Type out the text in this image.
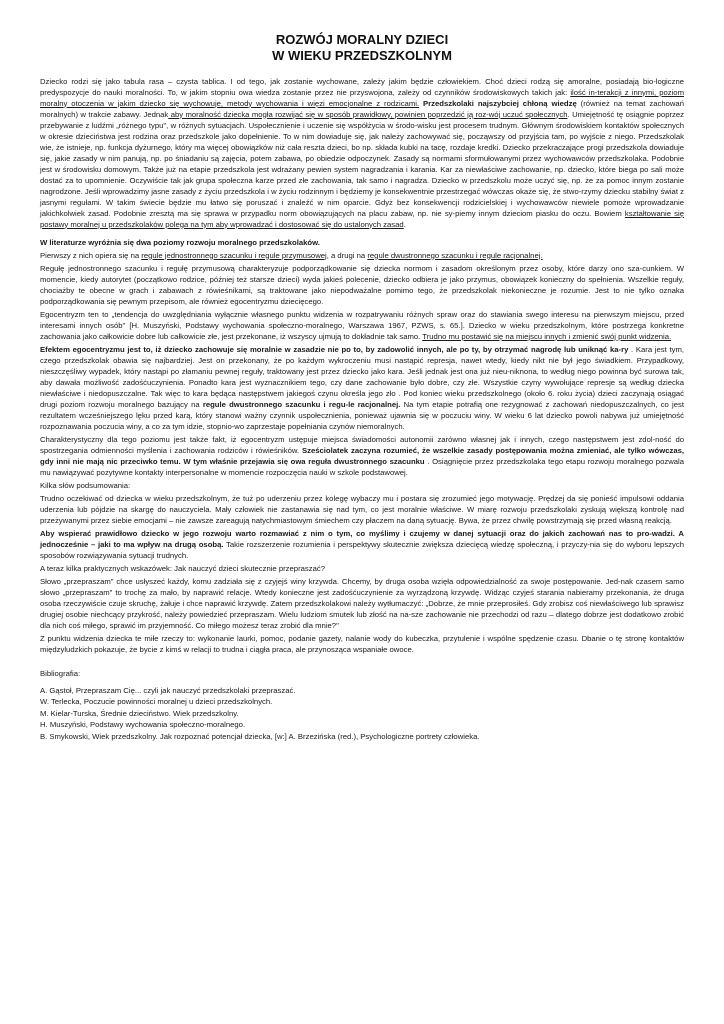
ROZWÓJ MORALNY DZIECI
W WIEKU PRZEDSZKOLNYM

Dziecko rodzi się jako tabula rasa – czysta tablica. I od tego, jak zostanie wychowane, zależy jakim będzie człowiekiem. Choć dzieci rodzą się amoralne, posiadają bio-logiczne predyspozycje do nauki moralności. To, w jakim stopniu owa wiedza zostanie przez nie przyswojona, zależy od czynników środowiskowych takich jak: ilość in-terakcji z innymi, poziom moralny otoczenia w jakim dziecko się wychowuje, metody wychowania i więzi emocjonalne z rodzicami. Przedszkolaki najszybciej chłoną wiedzę (również na temat zachowań moralnych) w trakcie zabawy. Jednak aby moralność dziecka mogła rozwijać się w sposób prawidłowy, powinien poprzedzić ją roz-wój uczuć społecznych. Umiejętność tę osiągnie poprzez przebywanie z ludźmi „różnego typu", w różnych sytuacjach. Uspołecznienie i uczenie się współżycia w środo-wisku jest procesem trudnym. Głównym środowiskiem kontaktów społecznych w okresie dzieciństwa jest rodzina oraz przedszkole jako dopełnienie. To w nim dowiaduje się, jak należy zachowywać się, począwszy od przyjścia tam, po wyjście z niego. Przedszkolak wie, że istnieje, np. funkcja dyżurnego, który ma więcej obowiązków niż cała reszta dzieci, bo np. składa kubki na tacę, rozdaje kredki. Dziecko przekraczające progi przedszkola dowiaduje się, jakie zasady w nim panują, np. po śniadaniu są zajęcia, potem zabawa, po obiedzie odpoczynek. Zasady są normami sformułowanymi przez wychowawców przedszkolaka. Podobnie jest w środowisku domowym. Także już na etapie przedszkola jest wdrażany pewien system nagradzania i karania. Kar za niewłaściwe zachowanie, np. dziecko, które biega po sali może dostać za to upomnienie. Oczywiście tak jak grupa społeczna karze przed złe zachowania, tak samo i nagradza. Dziecko w przedszkolu może uczyć się, np. że za pomoc innym zostanie nagrodzone. Jeśli wprowadzimy jasne zasady z życiu przedszkola i w życiu rodzinnym i będziemy je konsekwentnie przestrzegać wówczas okaże się, że stwo-rzymy dziecku stabilny świat z jasnymi regułami. W takim świecie będzie mu łatwo się poruszać i znaleźć w nim oparcie. Gdyż bez konsekwencji rodzicielskiej i wychowawców niewiele pomoże wprowadzanie jakichkolwiek zasad. Podobnie zresztą ma się sprawa w przypadku norm obowiązujących na placu zabaw, np. nie sy-piemy innym dzieciom piasku do oczu. Bowiem kształtowanie się postawy moralnej u przedszkolaków polega na tym aby wprowadzać i dostosować się do ustalonych zasad.

W literaturze wyróżnia się dwa poziomy rozwoju moralnego przedszkolaków.

Pierwszy z nich opiera się na regule jednostronnego szacunku i regule przymusowej, a drugi na regule dwustronnego szacunku i regule racjonalnej.

Regułę jednostronnego szacunku i regułę przymusową charakteryzuje podporządkowanie się dziecka normom i zasadom określonym przez osoby, które darzy ono sza-cunkiem. W momencie, kiedy autorytet (początkowo rodzice, później też starsze dzieci) wyda jakieś polecenie, dziecko odbiera je jako przymus, obowiązek konieczny do spełnienia. Wszelkie reguły, chociażby te obecne w grach i zabawach z rówieśnikami, są traktowane jako niepodważalne pomimo tego, że przedszkolak niekonieczne je rozumie. Jest to nie tylko oznaka podporządkowania się pewnym przepisom, ale również egocentryzmu dziecięcego.

Egocentryzm ten to „tendencja do uwzględniania wyłącznie własnego punktu widzenia w rozpatrywaniu różnych spraw oraz do stawiania swego interesu na pierwszym miejscu, przed interesami innych osób" [H. Muszyński, Podstawy wychowania społeczno-moralnego, Warszawa 1967, PZWS, s. 65.]. Dziecko w wieku przedszkolnym, które postrzega konkretne zachowania jako całkowicie dobre lub całkowicie złe, jest przekonane, iż wszyscy ujmują to dokładnie tak samo. Trudno mu postawić się na miejscu innych i zmienić swój punkt widzenia.

Efektem egocentryzmu jest to, iż dziecko zachowuje się moralnie w zasadzie nie po to, by zadowolić innych, ale po ty, by otrzymać nagrodę lub uniknąć ka-ry . Kara jest tym, czego przedszkolak obawia się najbardziej. Jest on przekonany, że po każdym wykroczeniu musi nastąpić represja, nawet wtedy, kiedy nikt nie był jego świadkiem. Przypadkowy, nieszczęśliwy wypadek, który nastąpi po złamaniu pewnej reguły, traktowany jest przez dziecko jako kara. Jeśli jednak jest ona już nieu-niknona, to według niego powinna być surowa tak, aby dawała możliwość zadośćuczynienia. Ponadto kara jest wyznacznikiem tego, czy dane zachowanie było dobre, czy złe. Wszystkie czyny wywołujące represje są według dziecka niewłaściwe i niedopuszczalne. Tak więc to kara będąca następstwem jakiegoś czynu określa jego zło . Pod koniec wieku przedszkolnego (około 6. roku życia) dzieci zaczynają osiągać drugi poziom rozwoju moralnego bazujący na regule dwustronnego szacunku i regu-le racjonalnej. Na tym etapie potrafią one rezygnować z zachowań niedopuszczalnych, co jest rezultatem wcześniejszego lęku przed karą, który stanowi ważny czynnik uspołecznienia, ponieważ ujawnia się w poczuciu winy. W wieku 6 lat dziecko powoli nabywa już umiejętność rozpoznawania poczucia winy, a co za tym idzie, stopnio-wo zaprzestaje popełniania czynów niemoralnych.

Charakterystyczny dla tego poziomu jest także fakt, iż egocentryzm ustępuje miejsca świadomości autonomii zarówno własnej jak i innych, czego następstwem jest zdol-ność do spostrzegania odmienności myślenia i zachowania rodziców i rówieśników. Sześciolatek zaczyna rozumieć, że wszelkie zasady postępowania można zmieniać, ale tylko wówczas, gdy inni nie mają nic przeciwko temu. W tym właśnie przejawia się owa reguła dwustronnego szacunku . Osiągnięcie przez przedszkolaka tego etapu rozwoju moralnego pozwala mu nawiązywać pozytywne kontakty interpersonalne w momencie rozpoczęcia nauki w szkole podstawowej.

Kilka słów podsumowania:

Trudno oczekiwać od dziecka w wieku przedszkolnym, że tuż po uderzeniu przez kolegę wybaczy mu i postara się zrozumieć jego motywację. Prędzej da się ponieść impulsowi oddania uderzenia lub pójdzie na skargę do nauczyciela. Mały człowiek nie zastanawia się nad tym, co jest moralnie właściwe. W miarę rozwoju przedszkolaki zyskują większą kontrolę nad przeżywanymi przez siebie emocjami – nie zawsze zareagują natychmiastowym śmiechem czy płaczem na daną sytuację. Bywa, że przez chwilę powstrzymają się przed własną reakcją.

Aby wspierać prawidłowo dziecko w jego rozwoju warto rozmawiać z nim o tym, co myślimy i czujemy w danej sytuacji oraz do jakich zachowań nas to pro-wadzi. A jednocześnie – jaki to ma wpływ na drugą osobą. Takie rozszerzenie rozumienia i perspektywy skutecznie zwiększa dziecięcą wiedzę społeczną, i przyczy-nia się do wyboru lepszych sposobów rozwiązywania sytuacji trudnych.

A teraz kilka praktycznych wskazówek: Jak nauczyć dzieci skutecznie przepraszać?

Słowo „przepraszam" chce usłyszeć każdy, komu zadziała się z czyjejś winy krzywda. Chcemy, by druga osoba wzięła odpowiedzialność za swoje postępowanie. Jed-nak czasem samo słowo „przepraszam" to trochę za mało, by naprawić relacje. Wtedy konieczne jest zadośćuczynienie za wyrządzoną krzywdę. Widząc czyjeś starania nabieramy przekonania, że druga osoba rzeczywiście czuje skruchę, żałuje i chce naprawić krzywdę. Zatem przedszkolakowi należy wytłumaczyć: „Dobrze, że mnie przeprosiłeś. Gdy zrobisz coś niewłaściwego lub sprawisz drugiej osobie niechcący przykrość, należy powiedzieć przepraszam. Wielu ludziom smutek lub złość na na-sze zachowanie nie przechodzi od razu – dlatego dobrze jest dodatkowo zrobić dla nich coś miłego, sprawić im przyjemność. Co miłego możesz teraz zrobić dla mnie?"

Z punktu widzenia dziecka te miłe rzeczy to: wykonanie laurki, pomoc, podanie gazety, nalanie wody do kubeczka, przytulenie i wspólne spędzenie czasu. Dbanie o tę stronę kontaktów międzyludzkich pokazuje, że bycie z kimś w relacji to trudna i ciągła praca, ale przynosząca wspaniałe owoce.

Bibliografia:

A. Gąstoł, Przepraszam Cię... czyli jak nauczyć przedszkolaki przepraszać.

W. Terlecka, Poczucie powinności moralnej u dzieci przedszkolnych.

M. Kielar-Turska, Średnie dzieciństwo. Wiek przedszkolny.

H. Muszyński, Podstawy wychowania społeczno-moralnego.

B. Smykowski, Wiek przedszkolny. Jak rozpoznać potencjał dziecka, [w:] A. Brzezińska (red.), Psychologiczne portrety człowieka.
